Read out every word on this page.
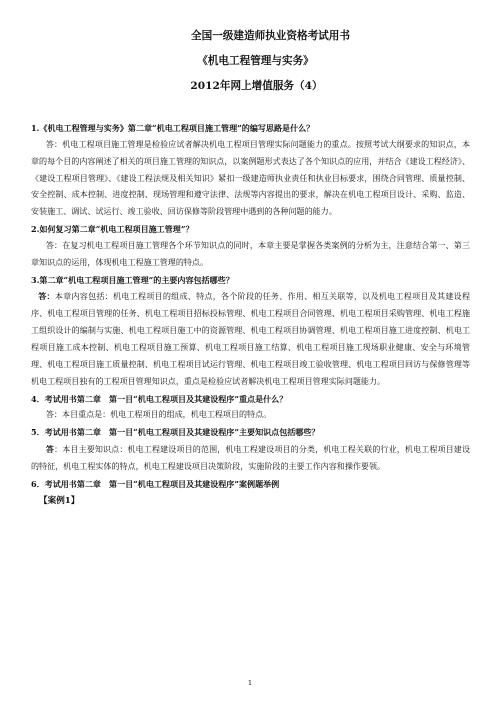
全国一级建造师执业资格考试用书
《机电工程管理与实务》
2012年网上增值服务（4）

1.《机电工程管理与实务》第二章“机电工程项目施工管理”的编写思路是什么？

答：机电工程项目施工管理是检验应试者解决机电工程项目管理实际问题能力的重点。按照考试大纲要求的知识点，本章的每个目的内容阐述了相关的项目施工管理的知识点，以案例题形式表达了各个知识点的应用，并结合《建设工程经济》、《建设工程项目管理》、《建设工程法规及相关知识》紧扣一级建造师执业责任和执业目标要求，围绕合同管理、质量控制、安全控制、成本控制、进度控制、现场管理和遵守法律、法规等内容提出的要求，解决在机电工程项目设计、采购、监造、安装施工、调试、试运行、竣工验收、回访保修等阶段管理中遇到的各种问题的能力。

2.如何复习第二章“机电工程项目施工管理”？

答：在复习机电工程项目施工管理各个环节知识点的同时，本章主要是掌握各类案例的分析为主，注意结合第一、第三章知识点的运用，体现机电工程施工管理的特点。

3.第二章“机电工程项目施工管理”的主要内容包括哪些？

答：本章内容包括：机电工程项目的组成、特点，各个阶段的任务、作用、相互关联等，以及机电工程项目及其建设程序、机电工程项目管理的任务、机电工程项目招标投标管理、机电工程项目合同管理、机电工程项目采购管理、机电工程施工组织设计的编制与实施、机电工程项目施工中的资源管理、机电工程项目协调管理、机电工程项目施工进度控制、机电工程项目施工成本控制、机电工程项目施工预算、机电工程项目施工结算、机电工程项目施工现场职业健康、安全与环境管理、机电工程项目施工质量控制、机电工程项目试运行管理、机电工程项目竣工验收管理、机电工程项目回访与保修管理等机电工程项目独有的工程项目管理知识点，重点是检验应试者解决机电工程项目管理实际问题能力。

4．考试用书第二章　第一目“机电工程项目及其建设程序”重点是什么？

答：本目重点是：机电工程项目的组成，机电工程项目的特点。

5．考试用书第二章　第一目“机电工程项目及其建设程序”主要知识点包括哪些？

答：本目主要知识点：机电工程建设项目的范围，机电工程建设项目的分类，机电工程关联的行业，机电工程项目建设的特征，机电工程实体的特点，机电工程建设项目决策阶段，实施阶段的主要工作内容和操作要领。

6．考试用书第二章　第一目“机电工程项目及其建设程序”案例题举例

【案例1】

1
